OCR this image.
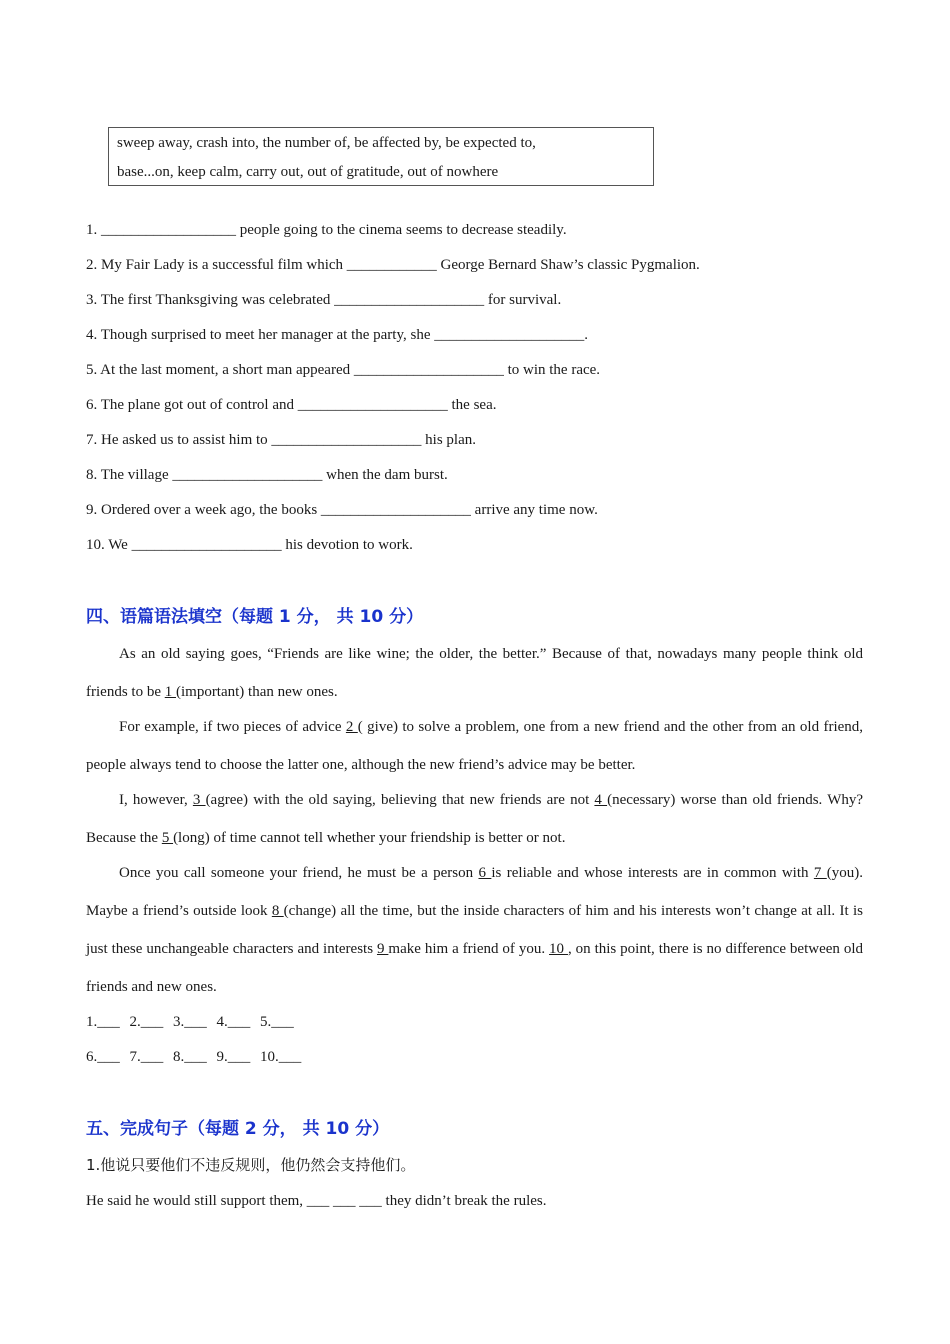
sweep away, crash into, the number of, be affected by, be expected to,
base...on, keep calm, carry out, out of gratitude, out of nowhere
1. __________________ people going to the cinema seems to decrease steadily.
2. My Fair Lady is a successful film which ____________ George Bernard Shaw’s classic Pygmalion.
3. The first Thanksgiving was celebrated ____________________ for survival.
4. Though surprised to meet her manager at the party, she ____________________.
5. At the last moment, a short man appeared ____________________ to win the race.
6. The plane got out of control and ____________________ the sea.
7. He asked us to assist him to ____________________ his plan.
8. The village ____________________ when the dam burst.
9. Ordered over a week ago, the books ____________________ arrive any time now.
10. We ____________________ his devotion to work.
四、语篇语法填空（每题 1 分， 共 10 分）
As an old saying goes, “Friends are like wine; the older, the better.” Because of that, nowadays many people think old friends to be 1 (important) than new ones.
For example, if two pieces of advice 2 ( give) to solve a problem, one from a new friend and the other from an old friend, people always tend to choose the latter one, although the new friend’s advice may be better.
I, however, 3 (agree) with the old saying, believing that new friends are not 4 (necessary) worse than old friends. Why? Because the 5 (long) of time cannot tell whether your friendship is better or not.
Once you call someone your friend, he must be a person 6 is reliable and whose interests are in common with 7 (you). Maybe a friend’s outside look 8 (change) all the time, but the inside characters of him and his interests won’t change at all. It is just these unchangeable characters and interests 9 make him a friend of you. 10 , on this point, there is no difference between old friends and new ones.
1.___ 2.___ 3.___ 4.___ 5.___
6.___ 7.___ 8.___ 9.___ 10.___
五、完成句子（每题 2 分， 共 10 分）
1.他说只要他们不违反规则，他仍然会支持他们。
He said he would still support them, ___ ___ ___ they didn’t break the rules.
